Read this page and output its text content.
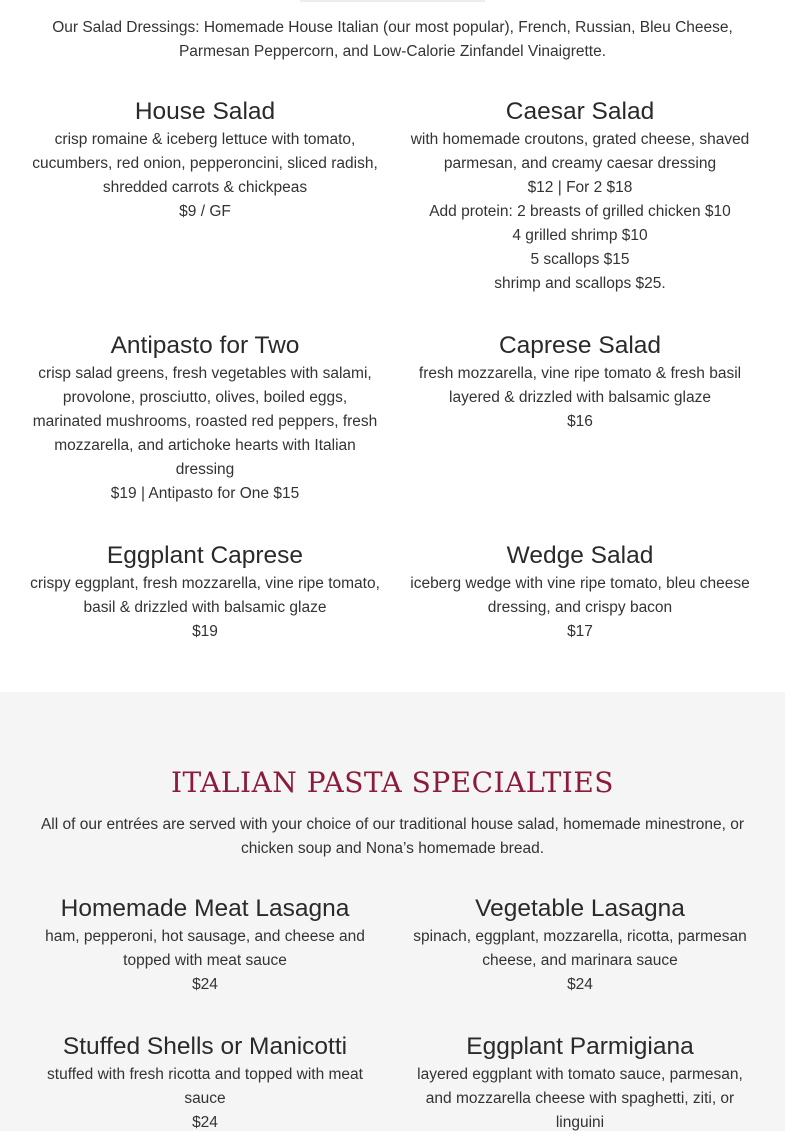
Our Salad Dressings: Homemade House Italian (our most popular), French, Russian, Bleu Cheese, Parmesan Peppercorn, and Low-Calorie Zinfandel Vinaigrette.
House Salad
crisp romaine & iceberg lettuce with tomato, cucumbers, red onion, pepperoncini, sliced radish, shredded carrots & chickpeas
$9 / GF
Caesar Salad
with homemade croutons, grated cheese, shaved parmesan, and creamy caesar dressing
$12 | For 2 $18
Add protein: 2 breasts of grilled chicken $10
4 grilled shrimp $10
5 scallops $15
shrimp and scallops $25.
Antipasto for Two
crisp salad greens, fresh vegetables with salami, provolone, prosciutto, olives, boiled eggs, marinated mushrooms, roasted red peppers, fresh mozzarella, and artichoke hearts with Italian dressing
$19 | Antipasto for One $15
Caprese Salad
fresh mozzarella, vine ripe tomato & fresh basil layered & drizzled with balsamic glaze
$16
Eggplant Caprese
crispy eggplant, fresh mozzarella, vine ripe tomato, basil & drizzled with balsamic glaze
$19
Wedge Salad
iceberg wedge with vine ripe tomato, bleu cheese dressing, and crispy bacon
$17
ITALIAN PASTA SPECIALTIES
All of our entrées are served with your choice of our traditional house salad, homemade minestrone, or chicken soup and Nona’s homemade bread.
Homemade Meat Lasagna
ham, pepperoni, hot sausage, and cheese and topped with meat sauce
$24
Vegetable Lasagna
spinach, eggplant, mozzarella, ricotta, parmesan cheese, and marinara sauce
$24
Stuffed Shells or Manicotti
stuffed with fresh ricotta and topped with meat sauce
$24
Eggplant Parmigiana
layered eggplant with tomato sauce, parmesan, and mozzarella cheese with spaghetti, ziti, or linguini
